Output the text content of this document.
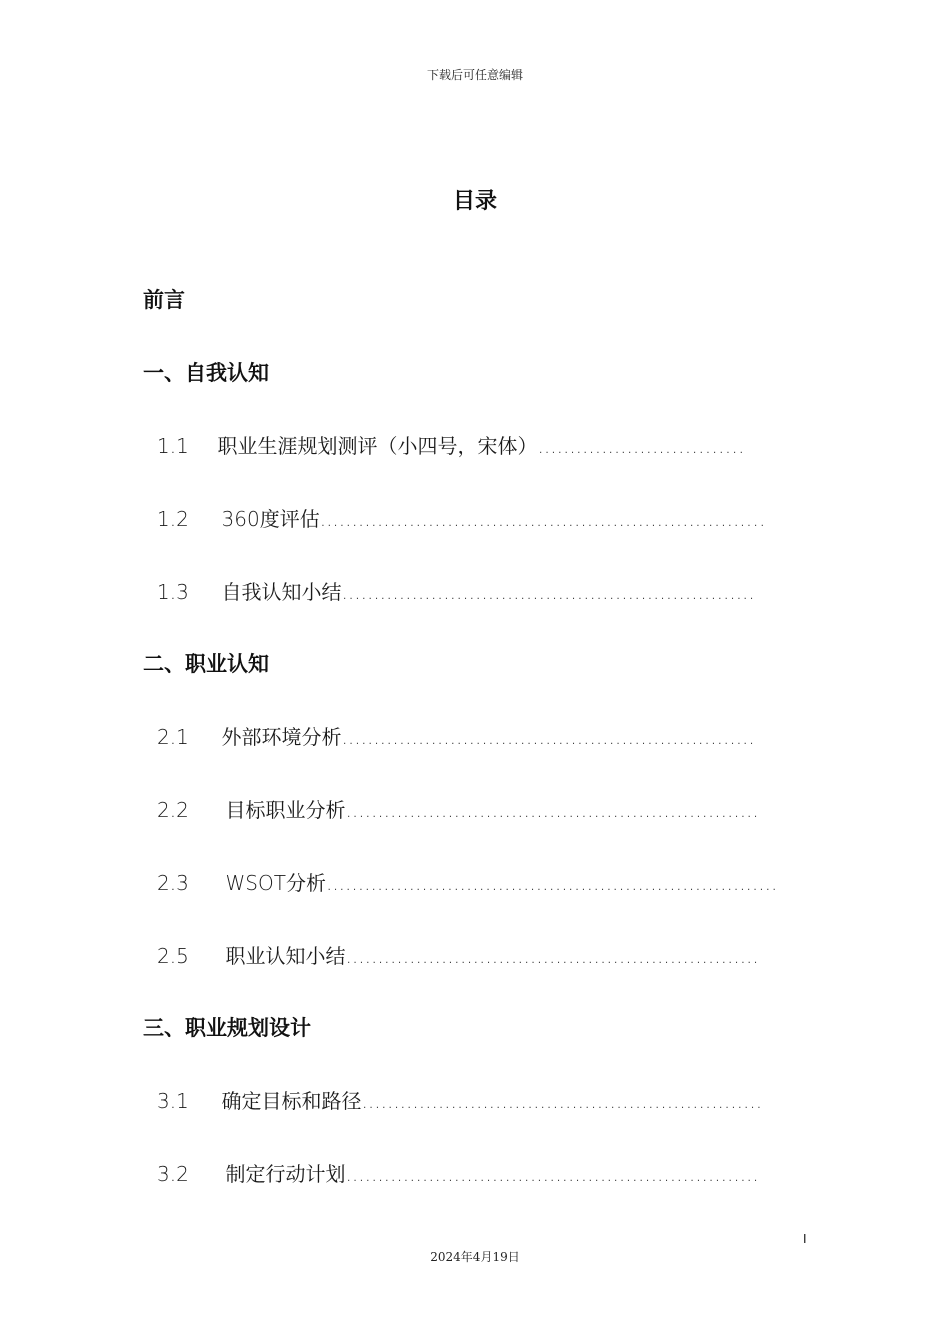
下载后可任意编辑
目录
前言
一、自我认知
1.1 职业生涯规划测评（小四号，宋体）....................…………
1.2 360度评估...................................................................…
1.3 自我认知小结.................................................................
二、职业认知
2.1 外部环境分析.................................................................
2.2 目标职业分析.................................................................
2.3 WSOT分析.......................................................................
2.5 职业认知小结.................................................................
三、职业规划设计
3.1 确定目标和路径...............................................................
3.2 制定行动计划.................................................................
I
2024年4月19日
